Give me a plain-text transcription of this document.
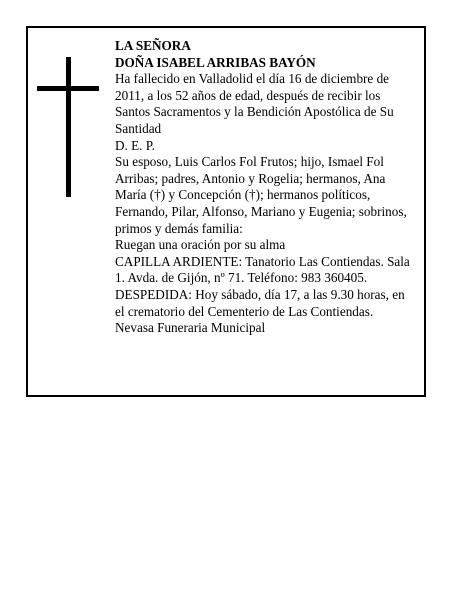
LA SEÑORA
DOÑA ISABEL ARRIBAS BAYÓN
Ha fallecido en Valladolid el día 16 de diciembre de 2011, a los 52 años de edad, después de recibir los Santos Sacramentos y la Bendición Apostólica de Su Santidad
D. E. P.
Su esposo, Luis Carlos Fol Frutos; hijo, Ismael Fol Arribas; padres, Antonio y Rogelia; hermanos, Ana María (†) y Concepción (†); hermanos políticos, Fernando, Pilar, Alfonso, Mariano y Eugenia; sobrinos, primos y demás familia:
Ruegan una oración por su alma
CAPILLA ARDIENTE: Tanatorio Las Contiendas. Sala 1. Avda. de Gijón, nº 71. Teléfono: 983 360405.
DESPEDIDA: Hoy sábado, día 17, a las 9.30 horas, en el crematorio del Cementerio de Las Contiendas.
Nevasa Funeraria Municipal
